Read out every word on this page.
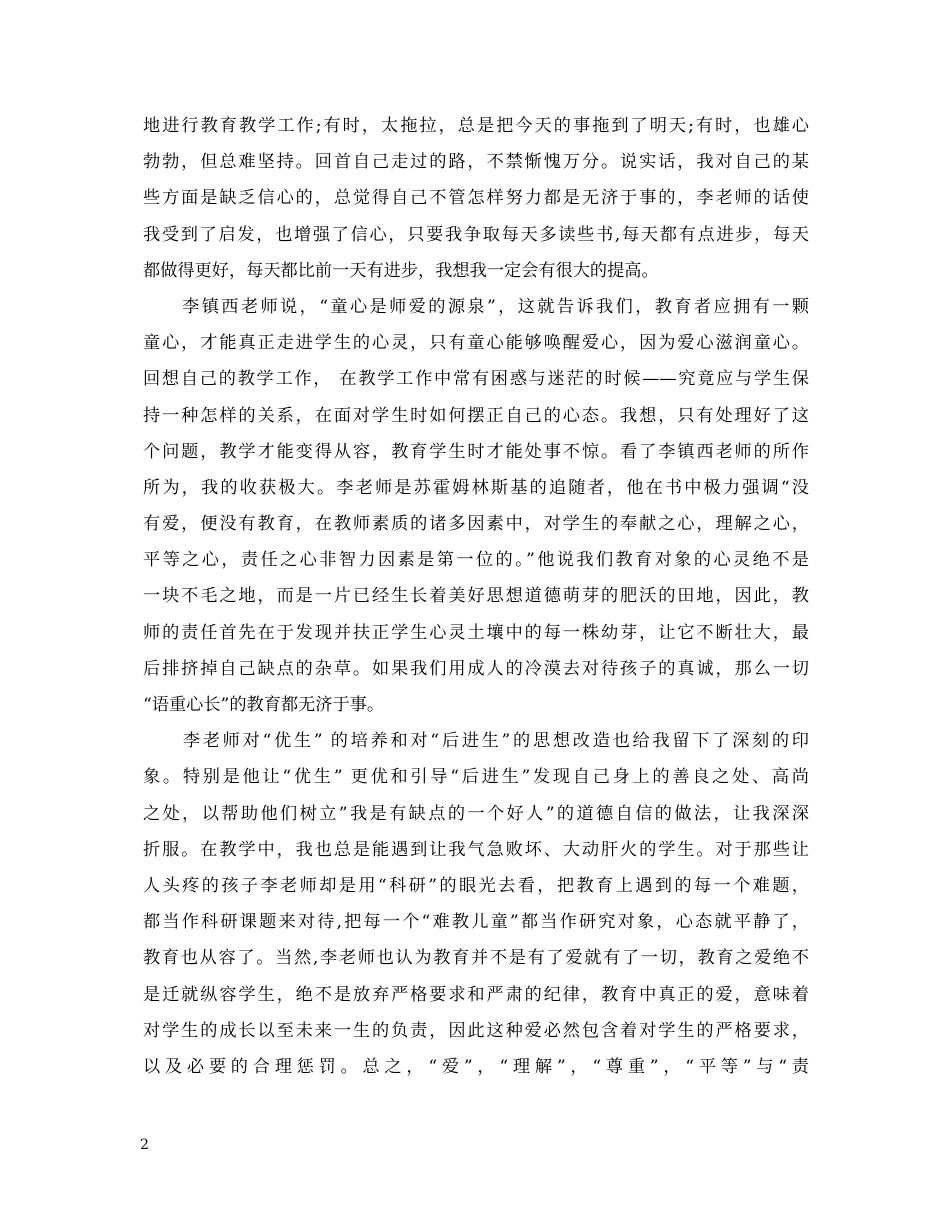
地进行教育教学工作;有时，太拖拉，总是把今天的事拖到了明天;有时，也雄心
勃勃，但总难坚持。回首自己走过的路，不禁惭愧万分。说实话，我对自己的某
些方面是缺乏信心的，总觉得自己不管怎样努力都是无济于事的，李老师的话使
我受到了启发，也增强了信心，只要我争取每天多读些书,每天都有点进步，每天
都做得更好，每天都比前一天有进步，我想我一定会有很大的提高。
　　李镇西老师说，“童心是师爱的源泉”，这就告诉我们，教育者应拥有一颗
童心，才能真正走进学生的心灵，只有童心能够唤醒爱心，因为爱心滋润童心。
回想自己的教学工作， 在教学工作中常有困惑与迷茫的时候——究竟应与学生保
持一种怎样的关系，在面对学生时如何摆正自己的心态。我想，只有处理好了这
个问题，教学才能变得从容，教育学生时才能处事不惊。看了李镇西老师的所作
所为，我的收获极大。李老师是苏霍姆林斯基的追随者，他在书中极力强调“没
有爱，便没有教育，在教师素质的诸多因素中，对学生的奉献之心，理解之心，
平等之心，责任之心非智力因素是第一位的。”他说我们教育对象的心灵绝不是
一块不毛之地，而是一片已经生长着美好思想道德萌芽的肥沃的田地，因此，教
师的责任首先在于发现并扶正学生心灵土壤中的每一株幼芽，让它不断壮大，最
后排挤掉自己缺点的杂草。如果我们用成人的冷漠去对待孩子的真诚，那么一切
“语重心长”的教育都无济于事。
　　李老师对“优生” 的培养和对“后进生”的思想改造也给我留下了深刻的印
象。特别是他让“优生” 更优和引导“后进生”发现自己身上的善良之处、高尚
之处，以帮助他们树立”我是有缺点的一个好人”的道德自信的做法，让我深深
折服。在教学中，我也总是能遇到让我气急败坏、大动肝火的学生。对于那些让
人头疼的孩子李老师却是用“科研”的眼光去看，把教育上遇到的每一个难题，
都当作科研课题来对待,把每一个“难教儿童”都当作研究对象，心态就平静了，
教育也从容了。当然,李老师也认为教育并不是有了爱就有了一切，教育之爱绝不
是迁就纵容学生，绝不是放弃严格要求和严肃的纪律，教育中真正的爱，意味着
对学生的成长以至未来一生的负责，因此这种爱必然包含着对学生的严格要求，
以及必要的合理惩罚。总之，“爱”，“理解”，“尊重”，“平等”与“责
2
